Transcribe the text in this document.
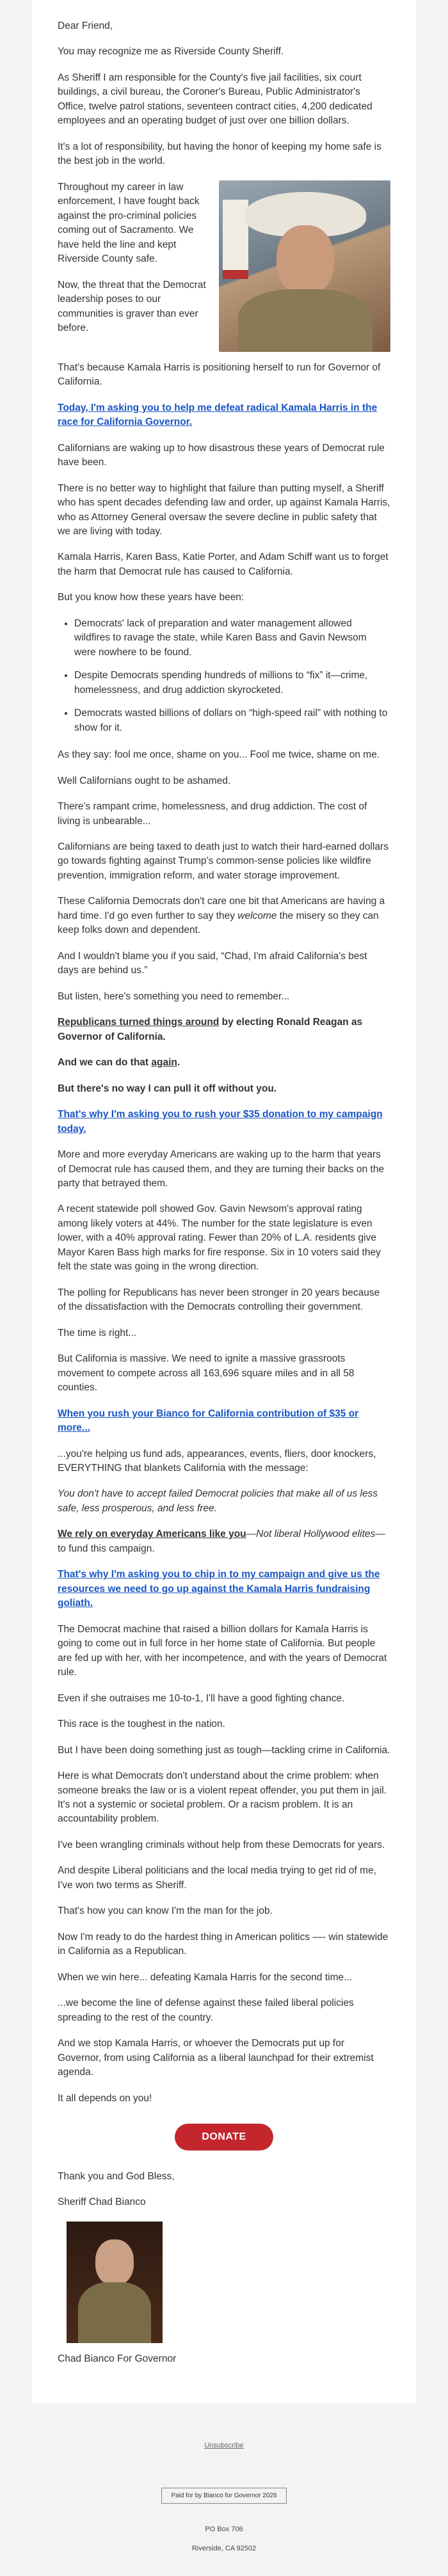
Dear Friend,

You may recognize me as Riverside County Sheriff.

As Sheriff I am responsible for the County's five jail facilities, six court buildings, a civil bureau, the Coroner's Bureau, Public Administrator's Office, twelve patrol stations, seventeen contract cities, 4,200 dedicated employees and an operating budget of just over one billion dollars.

It's a lot of responsibility, but having the honor of keeping my home safe is the best job in the world.

Throughout my career in law enforcement, I have fought back against the pro-criminal policies coming out of Sacramento. We have held the line and kept Riverside County safe.

Now, the threat that the Democrat leadership poses to our communities is graver than ever before.

That's because Kamala Harris is positioning herself to run for Governor of California.

Today, I'm asking you to help me defeat radical Kamala Harris in the race for California Governor.

Californians are waking up to how disastrous these years of Democrat rule have been.

There is no better way to highlight that failure than putting myself, a Sheriff who has spent decades defending law and order, up against Kamala Harris, who as Attorney General oversaw the severe decline in public safety that we are living with today.

Kamala Harris, Karen Bass, Katie Porter, and Adam Schiff want us to forget the harm that Democrat rule has caused to California.

But you know how these years have been:

• Democrats' lack of preparation and water management allowed wildfires to ravage the state, while Karen Bass and Gavin Newsom were nowhere to be found.
• Despite Democrats spending hundreds of millions to “fix” it—crime, homelessness, and drug addiction skyrocketed.
• Democrats wasted billions of dollars on “high-speed rail” with nothing to show for it.

As they say: fool me once, shame on you... Fool me twice, shame on me.

Well Californians ought to be ashamed.

There's rampant crime, homelessness, and drug addiction. The cost of living is unbearable...

Californians are being taxed to death just to watch their hard-earned dollars go towards fighting against Trump's common-sense policies like wildfire prevention, immigration reform, and water storage improvement.

These California Democrats don't care one bit that Americans are having a hard time. I'd go even further to say they welcome the misery so they can keep folks down and dependent.

And I wouldn't blame you if you said, “Chad, I'm afraid California's best days are behind us.”

But listen, here's something you need to remember...

Republicans turned things around by electing Ronald Reagan as Governor of California.

And we can do that again.

But there's no way I can pull it off without you.

That's why I'm asking you to rush your $35 donation to my campaign today.

More and more everyday Americans are waking up to the harm that years of Democrat rule has caused them, and they are turning their backs on the party that betrayed them.

A recent statewide poll showed Gov. Gavin Newsom's approval rating among likely voters at 44%. The number for the state legislature is even lower, with a 40% approval rating. Fewer than 20% of L.A. residents give Mayor Karen Bass high marks for fire response. Six in 10 voters said they felt the state was going in the wrong direction.

The polling for Republicans has never been stronger in 20 years because of the dissatisfaction with the Democrats controlling their government.

The time is right...

But California is massive. We need to ignite a massive grassroots movement to compete across all 163,696 square miles and in all 58 counties.

When you rush your Bianco for California contribution of $35 or more...

...you're helping us fund ads, appearances, events, fliers, door knockers, EVERYTHING that blankets California with the message:

You don't have to accept failed Democrat policies that make all of us less safe, less prosperous, and less free.

We rely on everyday Americans like you—Not liberal Hollywood elites—to fund this campaign.

That's why I'm asking you to chip in to my campaign and give us the resources we need to go up against the Kamala Harris fundraising goliath.

The Democrat machine that raised a billion dollars for Kamala Harris is going to come out in full force in her home state of California. But people are fed up with her, with her incompetence, and with the years of Democrat rule.

Even if she outraises me 10-to-1, I'll have a good fighting chance.

This race is the toughest in the nation.

But I have been doing something just as tough—tackling crime in California.

Here is what Democrats don't understand about the crime problem: when someone breaks the law or is a violent repeat offender, you put them in jail. It's not a systemic or societal problem. Or a racism problem. It is an accountability problem.

I've been wrangling criminals without help from these Democrats for years.

And despite Liberal politicians and the local media trying to get rid of me, I've won two terms as Sheriff.

That's how you can know I'm the man for the job.

Now I'm ready to do the hardest thing in American politics —- win statewide in California as a Republican.

When we win here... defeating Kamala Harris for the second time...

...we become the line of defense against these failed liberal policies spreading to the rest of the country.

And we stop Kamala Harris, or whoever the Democrats put up for Governor, from using California as a liberal launchpad for their extremist agenda.

It all depends on you!

DONATE

Thank you and God Bless,

Sheriff Chad Bianco

Chad Bianco For Governor

Unsubscribe
Paid for by Bianco for Governor 2026
PO Box 706
Riverside, CA 92502
